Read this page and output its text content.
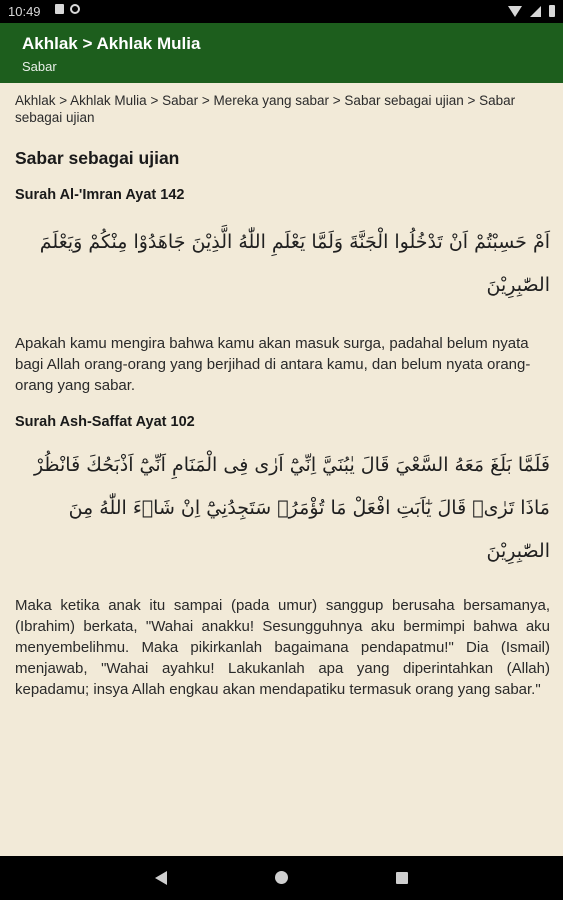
10:49
Akhlak > Akhlak Mulia
Sabar
Akhlak > Akhlak Mulia > Sabar > Mereka yang sabar > Sabar sebagai ujian > Sabar sebagai ujian
Sabar sebagai ujian
Surah Al-'Imran Ayat 142
اَمْ حَسِبْتُمْ اَنْ تَدْخُلُوا الْجَنَّةَ وَلَمَّا يَعْلَمِ اللّٰهُ الَّذِيْنَ جَاهَدُوْا مِنْكُمْ وَيَعْلَمَ الصّٰبِرِيْنَ
Apakah kamu mengira bahwa kamu akan masuk surga, padahal belum nyata bagi Allah orang-orang yang berjihad di antara kamu, dan belum nyata orang-orang yang sabar.
Surah Ash-Saffat Ayat 102
فَلَمَّا بَلَغَ مَعَهُ السَّعْيَ قَالَ يٰبُنَيَّ اِنِّيْٓ اَرٰى فِى الْمَنَامِ اَنِّيْٓ اَذْبَحُكَ فَانْظُرْ مَاذَا تَرٰىۗ قَالَ يٰٓاَبَتِ افْعَلْ مَا تُؤْمَرُۖ سَتَجِدُنِيْٓ اِنْ شَاۤءَ اللّٰهُ مِنَ الصّٰبِرِيْنَ
Maka ketika anak itu sampai (pada umur) sanggup berusaha bersamanya, (Ibrahim) berkata, "Wahai anakku! Sesungguhnya aku bermimpi bahwa aku menyembelihmu. Maka pikirkanlah bagaimana pendapatmu!" Dia (Ismail) menjawab, "Wahai ayahku! Lakukanlah apa yang diperintahkan (Allah) kepadamu; insya Allah engkau akan mendapatiku termasuk orang yang sabar."
